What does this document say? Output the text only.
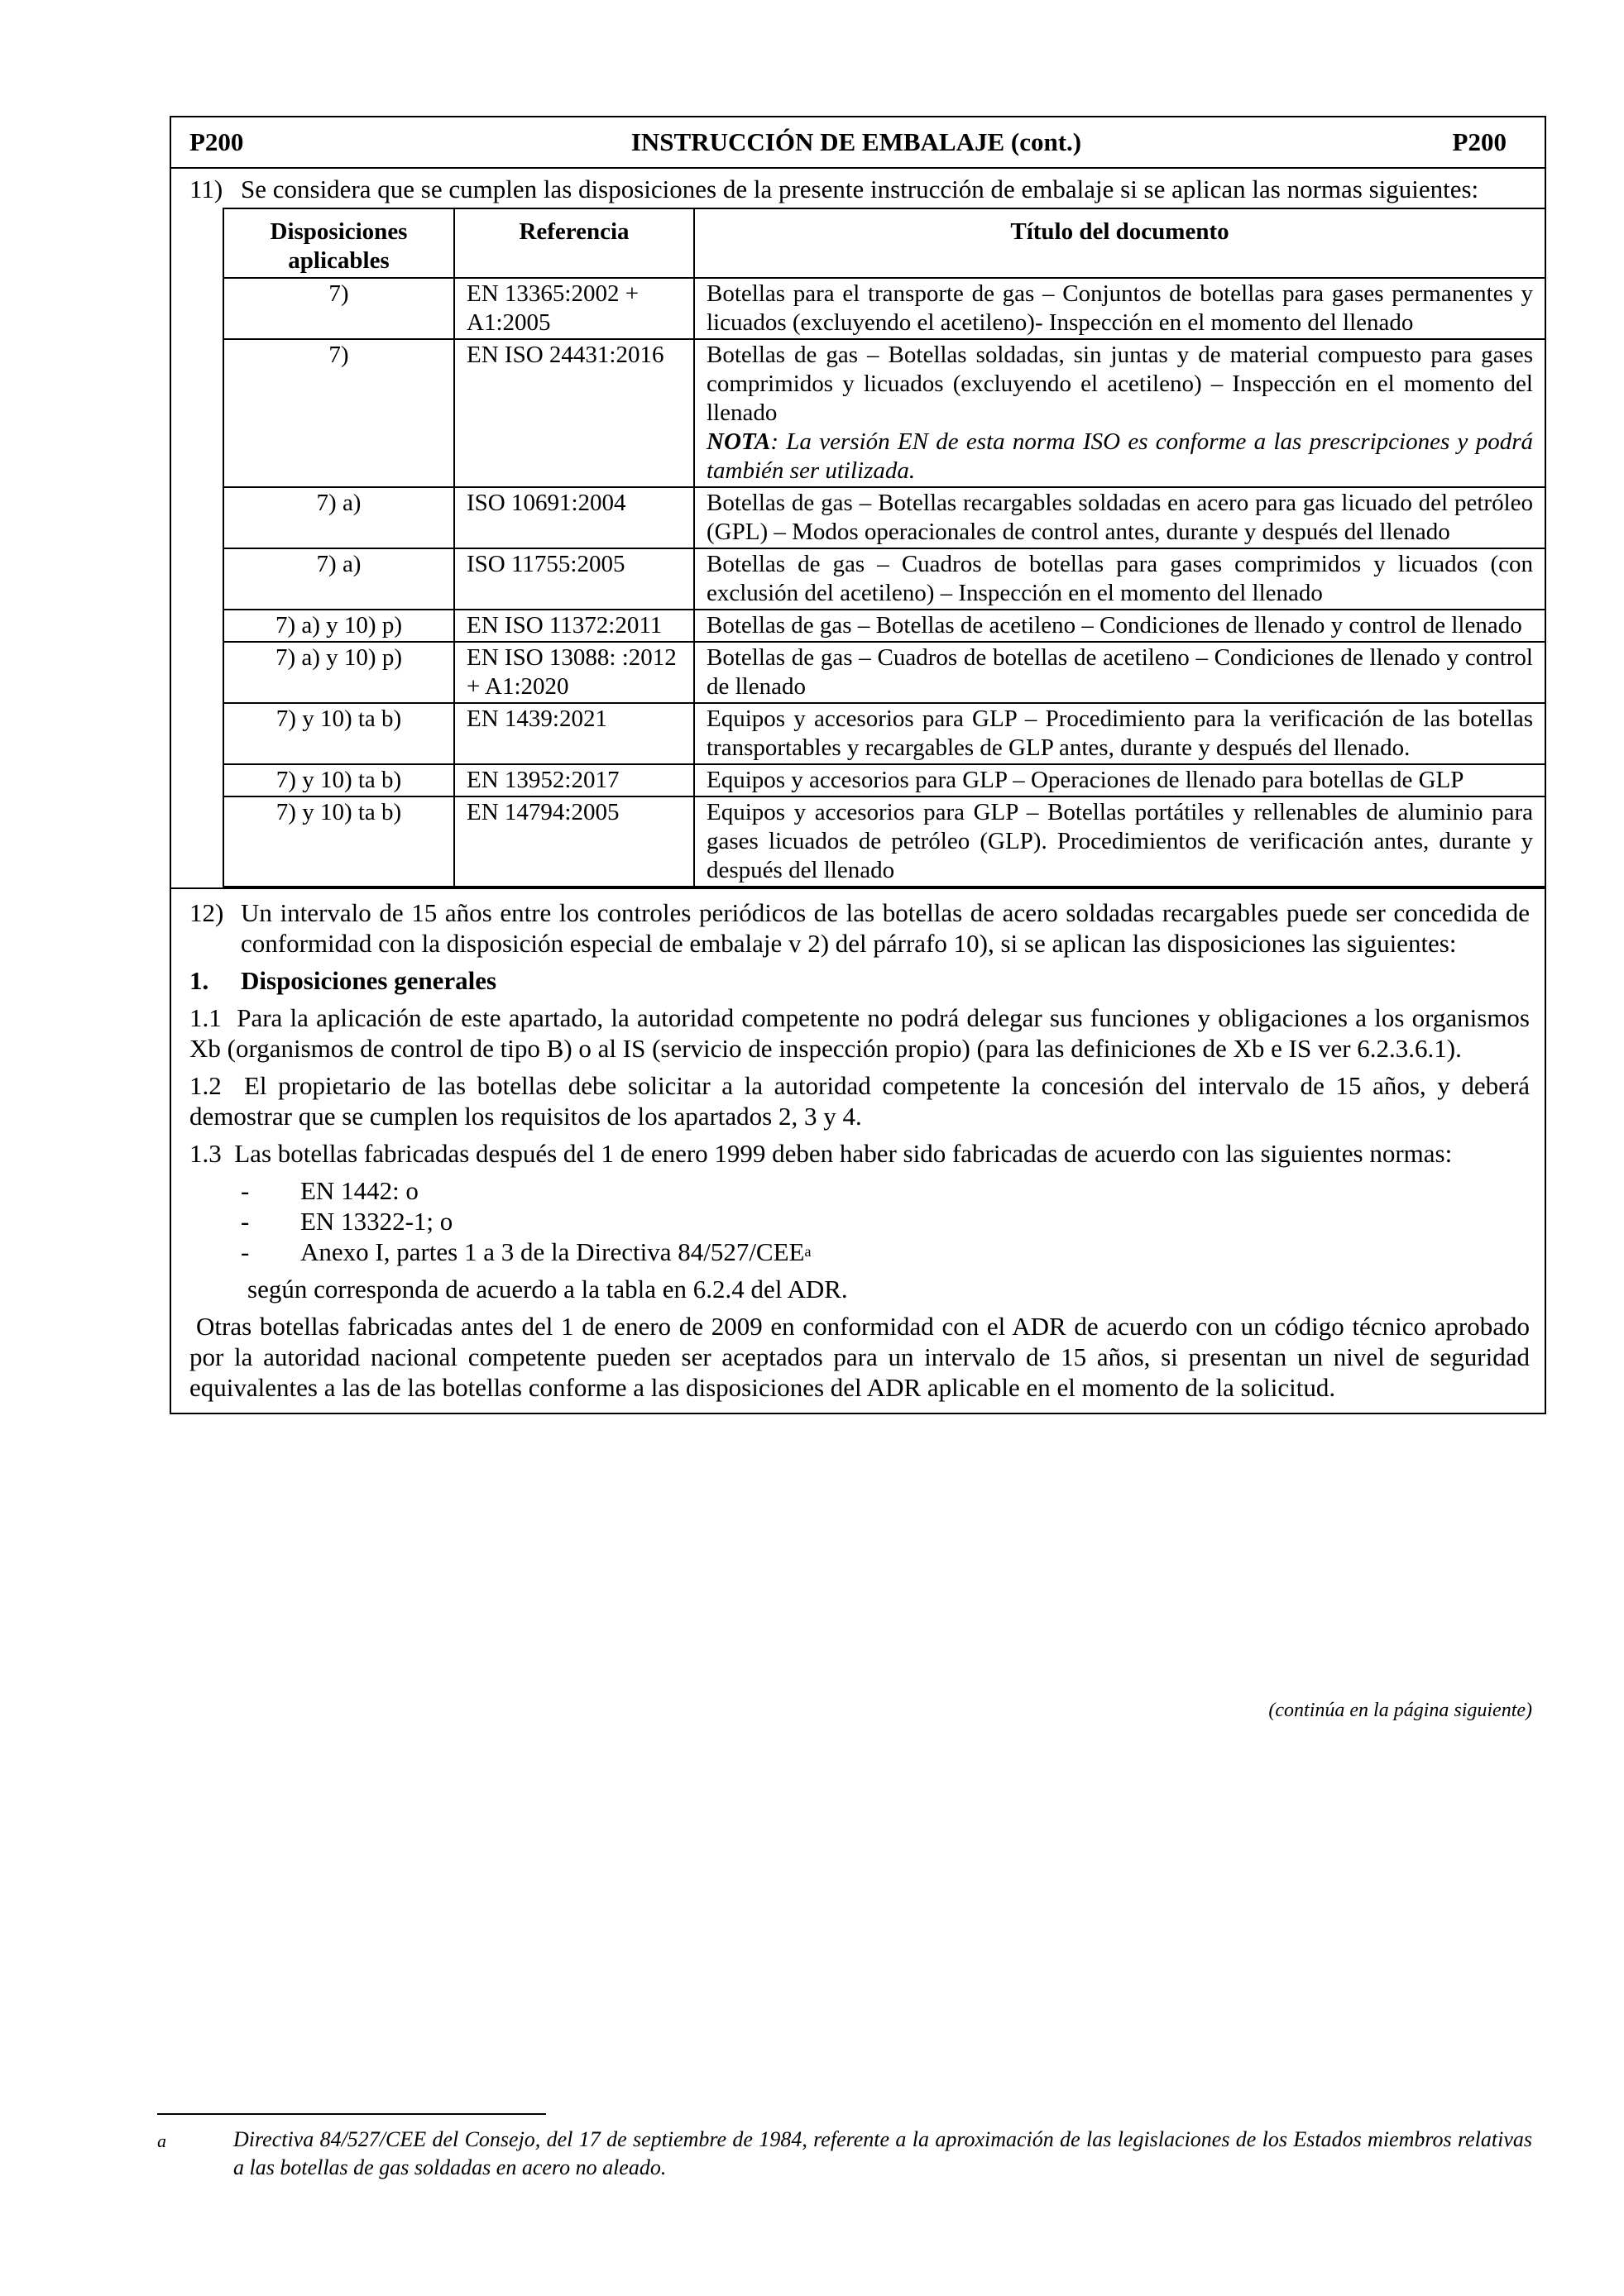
P200	INSTRUCCIÓN DE EMBALAJE (cont.)	P200
11) Se considera que se cumplen las disposiciones de la presente instrucción de embalaje si se aplican las normas siguientes:
Disposiciones aplicables	Referencia	Título del documento
7)	EN 13365:2002 + A1:2005	Botellas para el transporte de gas – Conjuntos de botellas para gases permanentes y licuados (excluyendo el acetileno)- Inspección en el momento del llenado
7)	EN ISO 24431:2016	Botellas de gas – Botellas soldadas, sin juntas y de material compuesto para gases comprimidos y licuados (excluyendo el acetileno) – Inspección en el momento del llenado
NOTA: La versión EN de esta norma ISO es conforme a las prescripciones y podrá también ser utilizada.

7) a)	ISO 10691:2004	Botellas de gas – Botellas recargables soldadas en acero para gas licuado del petróleo (GPL) – Modos operacionales de control antes, durante y después del llenado
7) a)	ISO 11755:2005	Botellas de gas – Cuadros de botellas para gases comprimidos y licuados (con exclusión del acetileno) – Inspección en el momento del llenado
7) a) y 10) p)	EN ISO 11372:2011	Botellas de gas – Botellas de acetileno – Condiciones de llenado y control de llenado
7) a) y 10) p)	EN ISO 13088: :2012 + A1:2020	Botellas de gas – Cuadros de botellas de acetileno – Condiciones de llenado y control de llenado
7) y 10) ta b)	EN 1439:2021	Equipos y accesorios para GLP – Procedimiento para la verificación de las botellas transportables y recargables de GLP antes, durante y después del llenado.
7) y 10) ta b)	EN 13952:2017	Equipos y accesorios para GLP – Operaciones de llenado para botellas de GLP
7) y 10) ta b)	EN 14794:2005	Equipos y accesorios para GLP – Botellas portátiles y rellenables de aluminio para gases licuados de petróleo (GLP). Procedimientos de verificación antes, durante y después del llenado
12) Un intervalo de 15 años entre los controles periódicos de las botellas de acero soldadas recargables puede ser concedida de conformidad con la disposición especial de embalaje v 2) del párrafo 10), si se aplican las disposiciones las siguientes:

1.     Disposiciones generales

1.1  Para la aplicación de este apartado, la autoridad competente no podrá delegar sus funciones y obligaciones a los organismos Xb (organismos de control de tipo B) o al IS (servicio de inspección propio) (para las definiciones de Xb e IS ver 6.2.3.6.1).

1.2  El propietario de las botellas debe solicitar a la autoridad competente la concesión del intervalo de 15 años, y deberá demostrar que se cumplen los requisitos de los apartados 2, 3 y 4.

1.3  Las botellas fabricadas después del 1 de enero 1999 deben haber sido fabricadas de acuerdo con las siguientes normas:

-	EN 1442: o
-	EN 13322-1; o
-	Anexo I, partes 1 a 3 de la Directiva 84/527/CEE a

según corresponda de acuerdo a la tabla en 6.2.4 del ADR.

Otras botellas fabricadas antes del 1 de enero de 2009 en conformidad con el ADR de acuerdo con un código técnico aprobado por la autoridad nacional competente pueden ser aceptados para un intervalo de 15 años, si presentan un nivel de seguridad equivalentes a las de las botellas conforme a las disposiciones del ADR aplicable en el momento de la solicitud.

(continúa en la página siguiente)
a	Directiva 84/527/CEE del Consejo, del 17 de septiembre de 1984, referente a la aproximación de las legislaciones de los Estados miembros relativas a las botellas de gas soldadas en acero no aleado.
